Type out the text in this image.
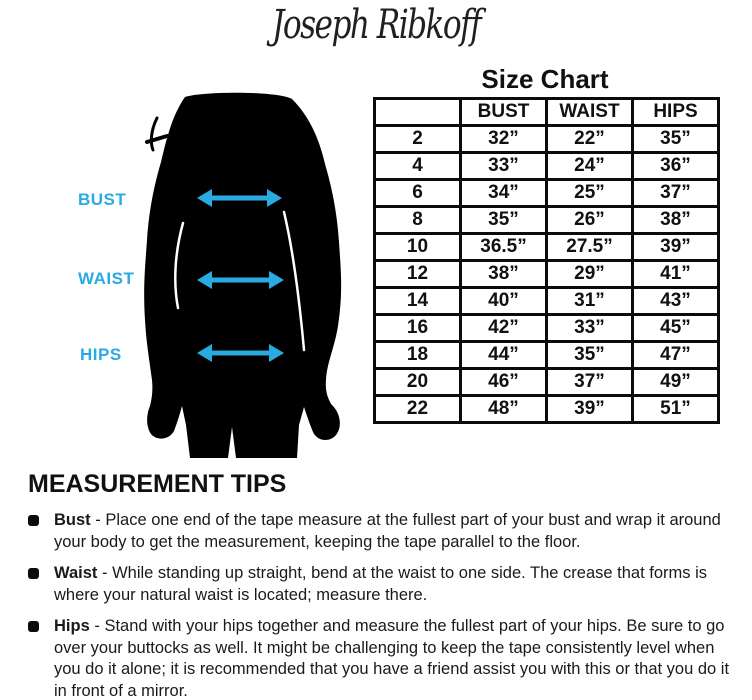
Joseph Ribkoff
BUST
WAIST
HIPS
Size Chart
	BUST	WAIST	HIPS
2	32”	22”	35”
4	33”	24”	36”
6	34”	25”	37”
8	35”	26”	38”
10	36.5”	27.5”	39”
12	38”	29”	41”
14	40”	31”	43”
16	42”	33”	45”
18	44”	35”	47”
20	46”	37”	49”
22	48”	39”	51”
MEASUREMENT TIPS

Bust - Place one end of the tape measure at the fullest part of your bust and wrap it around your body to get the measurement, keeping the tape parallel to the floor.

Waist - While standing up straight, bend at the waist to one side. The crease that forms is where your natural waist is located; measure there.

Hips - Stand with your hips together and measure the fullest part of your hips. Be sure to go over your buttocks as well. It might be challenging to keep the tape consistently level when you do it alone; it is recommended that you have a friend assist you with this or that you do it in front of a mirror.
